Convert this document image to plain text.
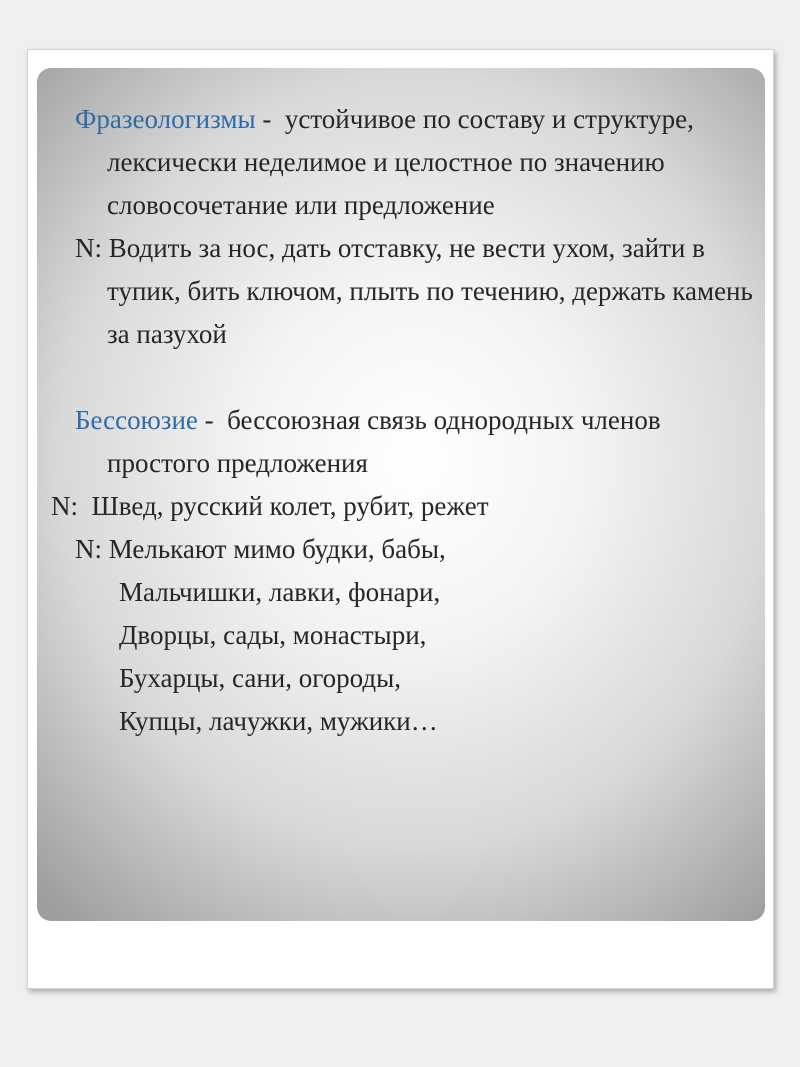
Фразеологизмы -  устойчивое по составу и структуре, лексически неделимое и целостное по значению словосочетание или предложение

N: Водить за нос, дать отставку, не вести ухом, зайти в тупик, бить ключом, плыть по течению, держать камень за пазухой

Бессоюзие -  бессоюзная связь однородных членов простого предложения

N:  Швед, русский колет, рубит, режет

N: Мелькают мимо будки, бабы,

Мальчишки, лавки, фонари,

Дворцы, сады, монастыри,

Бухарцы, сани, огороды,

Купцы, лачужки, мужики…
